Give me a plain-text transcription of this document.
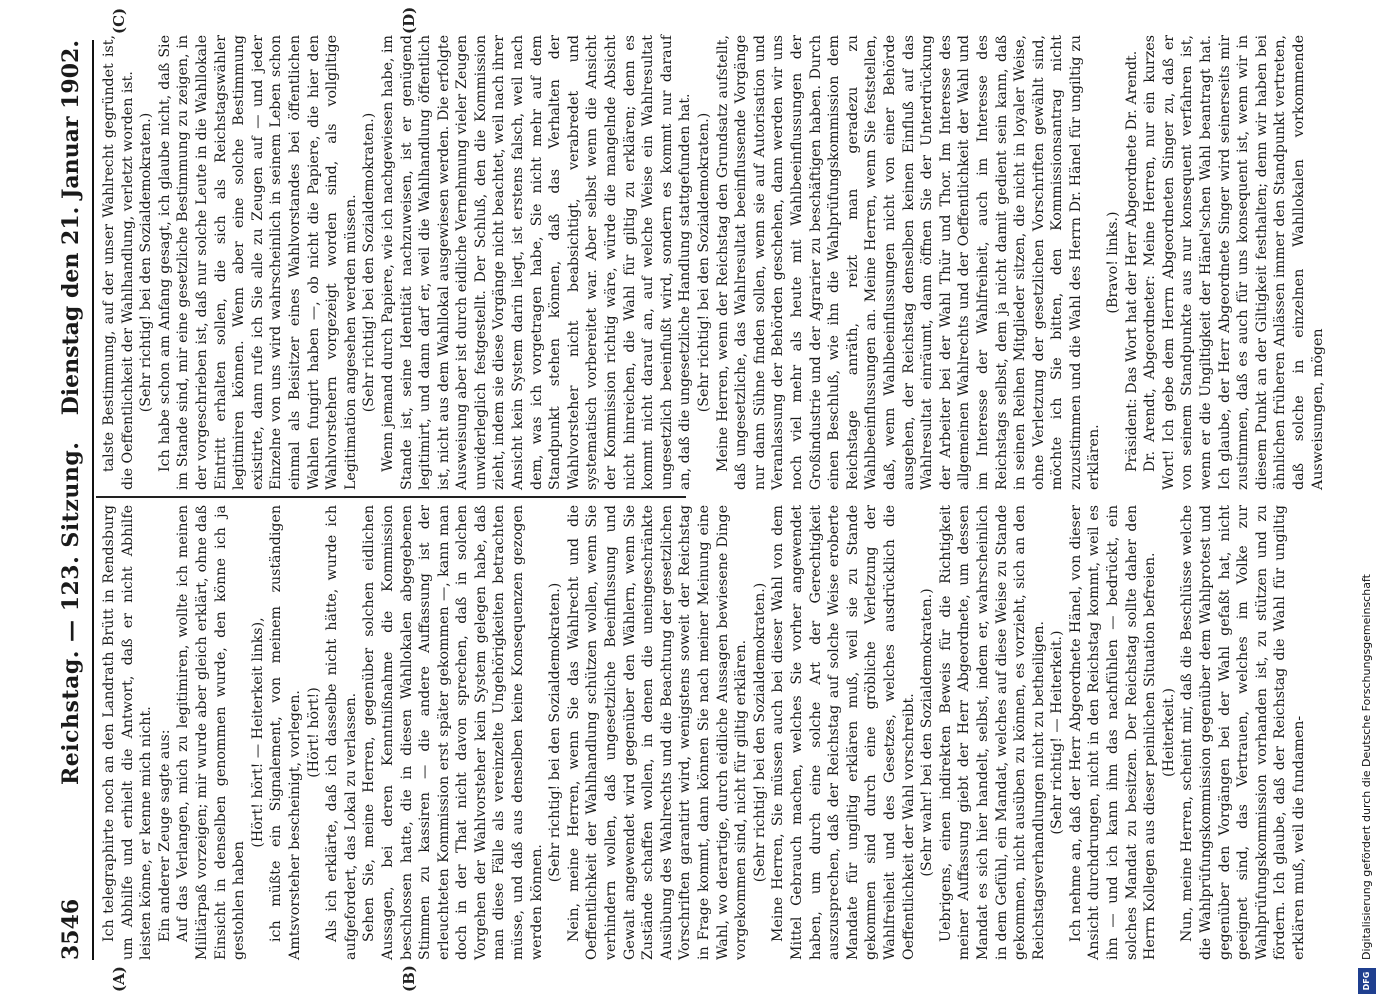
3546
Reichstag. — 123. Sitzung.
Dienstag den 21. Januar 1902.
(A)	(B)
(C)	(D)

Ich telegraphirte noch an den Landrath Brütt in Rendsburg um Abhilfe und erhielt die Antwort, daß er nicht Abhilfe leisten könne, er kenne mich nicht. Ein anderer Zeuge sagte aus: Auf das Verlangen, mich zu legitimiren, wollte ich meinen Militärpaß vorzeigen; mir wurde aber gleich erklärt, ohne daß Einsicht in denselben genommen wurde, den könne ich ja gestohlen haben

(Hört! hört! — Heiterkeit links), ich müßte ein Signalement, von meinem zuständigen Amtsvorsteher bescheinigt, vorlegen. (Hört! hört!) Als ich erklärte, daß ich dasselbe nicht hätte, wurde ich aufgefordert, das Lokal zu verlassen. Sehen Sie, meine Herren, gegenüber solchen eidlichen Aussagen, bei deren Kenntnißnahme die Kommission beschlossen hatte, die in diesen Wahllokalen abgegebenen Stimmen zu kassiren — die andere Auffassung ist der erleuchteten Kommission erst später gekommen —, kann man doch in der That nicht davon sprechen, daß in solchen Vorgehen der Wahlvorsteher kein System gelegen habe, daß man diese Fälle als vereinzelte Ungehörigkeiten betrachten müsse, und daß aus denselben keine Konsequenzen gezogen werden können.

(Sehr richtig! bei den Sozialdemokraten.) Nein, meine Herren, wenn Sie das Wahlrecht und die Oeffentlichkeit der Wahlhandlung schützen wollen, wenn Sie verhindern wollen, daß ungesetzliche Beeinflussung und Gewalt angewendet wird gegenüber den Wählern, wenn Sie Zustände schaffen wollen, in denen die uneingeschränkte Ausübung des Wahlrechts und die Beachtung der gesetzlichen Vorschriften garantirt wird, wenigstens soweit der Reichstag in Frage kommt, dann können Sie nach meiner Meinung eine Wahl, wo derartige, durch eidliche Aussagen bewiesene Dinge vorgekommen sind, nicht für giltig erklären. (Sehr richtig! bei den Sozialdemokraten.) Meine Herren, Sie müssen auch bei dieser Wahl von dem Mittel Gebrauch machen, welches Sie vorher angewendet haben, um durch eine solche Art der Gerechtigkeit auszusprechen, daß der Reichstag auf solche Weise eroberte Mandate für ungiltig erklären muß, weil sie zu Stande gekommen sind durch eine gröbliche Verletzung der Wahlfreiheit und des Gesetzes, welches ausdrücklich die Oeffentlichkeit der Wahl vorschreibt. (Sehr wahr! bei den Sozialdemokraten.) Uebrigens, einen indirekten Beweis für die Richtigkeit meiner Auffassung giebt der Herr Abgeordnete, um dessen Mandat es sich hier handelt, selbst, indem er, wahrscheinlich in dem Gefühl, ein Mandat, welches auf diese Weise zu Stande gekommen, nicht ausüben zu können, es vorzieht, sich an den Reichstagsverhandlungen nicht zu betheiligen. (Sehr richtig! — Heiterkeit.) Ich nehme an, daß der Herr Abgeordnete Hänel, von dieser Ansicht durchdrungen, nicht in den Reichstag kommt, weil es ihn — und ich kann ihm das nachfühlen — bedrückt, ein solches Mandat zu besitzen. Der Reichstag sollte daher den Herrn Kollegen aus dieser peinlichen Situation befreien. (Heiterkeit.) Nun, meine Herren, scheint mir, daß die Beschlüsse welche die Wahlprüfungskommission gegenüber dem Wahlprotest und gegenüber den Vorgängen bei der Wahl gefaßt hat, nicht geeignet sind, das Vertrauen, welches im Volke zur Wahlprüfungskommission vorhanden ist, zu stützen und zu fördern. Ich glaube, daß der Reichstag die Wahl für ungiltig erklären muß, weil die fundamen-

talste Bestimmung, auf der unser Wahlrecht gegründet ist, die Oeffentlichkeit der Wahlhandlung, verletzt worden ist. (Sehr richtig! bei den Sozialdemokraten.) Ich habe schon am Anfang gesagt, ich glaube nicht, daß Sie im Stande sind, mir eine gesetzliche Bestimmung zu zeigen, in der vorgeschrieben ist, daß nur solche Leute in die Wahllokale Eintritt erhalten sollen, die sich als Reichstagswähler legitimiren können. Wenn aber eine solche Bestimmung existirte, dann rufe ich Sie alle zu Zeugen auf — und jeder Einzelne von uns wird wahrscheinlich in seinem Leben schon einmal als Beisitzer eines Wahlvorstandes bei öffentlichen Wahlen fungirt haben —, ob nicht die Papiere, die hier den Wahlvorstehern vorgezeigt worden sind, als vollgiltige Legitimation angesehen werden müssen. (Sehr richtig! bei den Sozialdemokraten.) Wenn jemand durch Papiere, wie ich nachgewiesen habe, im Stande ist, seine Identität nachzuweisen, ist er genügend legitimirt, und dann darf er, weil die Wahlhandlung öffentlich ist, nicht aus dem Wahllokal ausgewiesen werden. Die erfolgte Ausweisung aber ist durch eidliche Vernehmung vieler Zeugen unwiderleglich festgestellt. Der Schluß, den die Kommission zieht, indem sie diese Vorgänge nicht beachtet, weil nach ihrer Ansicht kein System darin liegt, ist erstens falsch, weil nach dem, was ich vorgetragen habe, Sie nicht mehr auf dem Standpunkt stehen können, daß das Verhalten der Wahlvorsteher nicht beabsichtigt, verabredet und systematisch vorbereitet war. Aber selbst wenn die Ansicht der Kommission richtig wäre, würde die mangelnde Absicht nicht hinreichen, die Wahl für giltig zu erklären; denn es kommt nicht darauf an, auf welche Weise ein Wahlresultat ungesetzlich beeinflußt wird, sondern es kommt nur darauf an, daß die ungesetzliche Handlung stattgefunden hat. (Sehr richtig! bei den Sozialdemokraten.) Meine Herren, wenn der Reichstag den Grundsatz aufstellt, daß ungesetzliche, das Wahlresultat beeinflussende Vorgänge nur dann Sühne finden sollen, wenn sie auf Autorisation und Veranlassung der Behörden geschehen, dann werden wir uns noch viel mehr als heute mit Wahlbeeinflussungen der Großindustrie und der Agrarier zu beschäftigen haben. Durch einen Beschluß, wie ihn die Wahlprüfungskommission dem Reichstage anräth, reizt man geradezu zu Wahlbeeinflussungen an. Meine Herren, wenn Sie feststellen, daß, wenn Wahlbeeinflussungen nicht von einer Behörde ausgehen, der Reichstag denselben keinen Einfluß auf das Wahlresultat einräumt, dann öffnen Sie der Unterdrückung der Arbeiter bei der Wahl Thür und Thor. Im Interesse des allgemeinen Wahlrechts und der Oeffentlichkeit der Wahl und im Interesse der Wahlfreiheit, auch im Interesse des Reichstags selbst, dem ja nicht damit gedient sein kann, daß in seinen Reihen Mitglieder sitzen, die nicht in loyaler Weise, ohne Verletzung der gesetzlichen Vorschriften gewählt sind, möchte ich Sie bitten, den Kommissionsantrag nicht zuzustimmen und die Wahl des Herrn Dr. Hänel für ungiltig zu erklären.

(Bravo! links.) Präsident: Das Wort hat der Herr Abgeordnete Dr. Arendt. Dr. Arendt, Abgeordneter: Meine Herren, nur ein kurzes Wort! Ich gebe dem Herrn Abgeordneten Singer zu, daß er von seinem Standpunkte aus nur konsequent verfahren ist, wenn er die Ungiltigkeit der Hänel'schen Wahl beantragt hat. Ich glaube, der Herr Abgeordnete Singer wird seinerseits mir zustimmen, daß es auch für uns konsequent ist, wenn wir in diesem Punkt an der Giltigkeit festhalten; denn wir haben bei ähnlichen früheren Anlässen immer den Standpunkt vertreten, daß solche in einzelnen Wahllokalen vorkommende Ausweisungen, mögen

DFG
Digitalisierung gefördert durch die Deutsche Forschungsgemeinschaft
